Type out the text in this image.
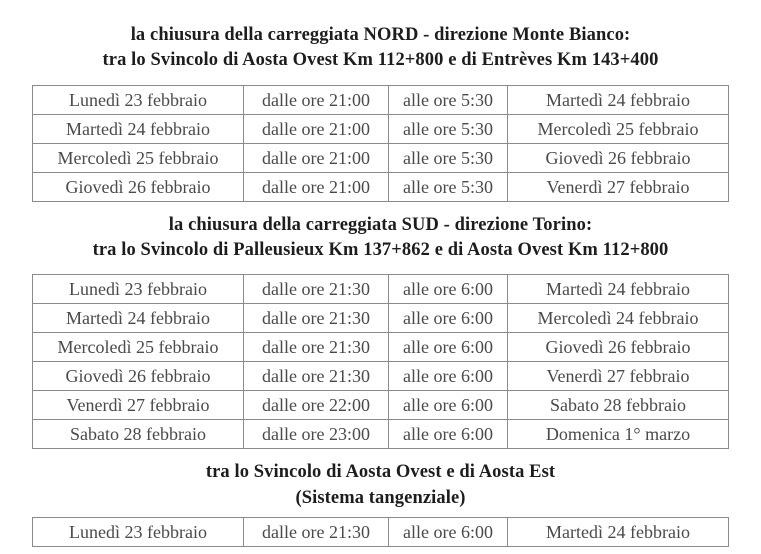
la chiusura della carreggiata NORD - direzione Monte Bianco:
tra lo Svincolo di Aosta Ovest Km 112+800 e di Entrèves Km 143+400
Lunedì 23 febbraio	dalle ore 21:00	alle ore 5:30	Martedì 24 febbraio
Martedì 24 febbraio	dalle ore 21:00	alle ore 5:30	Mercoledì 25 febbraio
Mercoledì 25 febbraio	dalle ore 21:00	alle ore 5:30	Giovedì 26 febbraio
Giovedì 26 febbraio	dalle ore 21:00	alle ore 5:30	Venerdì 27 febbraio
la chiusura della carreggiata SUD - direzione Torino:
tra lo Svincolo di Palleusieux Km 137+862 e di Aosta Ovest Km 112+800
Lunedì 23 febbraio	dalle ore 21:30	alle ore 6:00	Martedì 24 febbraio
Martedì 24 febbraio	dalle ore 21:30	alle ore 6:00	Mercoledì 24 febbraio
Mercoledì 25 febbraio	dalle ore 21:30	alle ore 6:00	Giovedì 26 febbraio
Giovedì 26 febbraio	dalle ore 21:30	alle ore 6:00	Venerdì 27 febbraio
Venerdì 27 febbraio	dalle ore 22:00	alle ore 6:00	Sabato 28 febbraio
Sabato 28 febbraio	dalle ore 23:00	alle ore 6:00	Domenica 1° marzo
tra lo Svincolo di Aosta Ovest e di Aosta Est
(Sistema tangenziale)
Lunedì 23 febbraio	dalle ore 21:30	alle ore 6:00	Martedì 24 febbraio
